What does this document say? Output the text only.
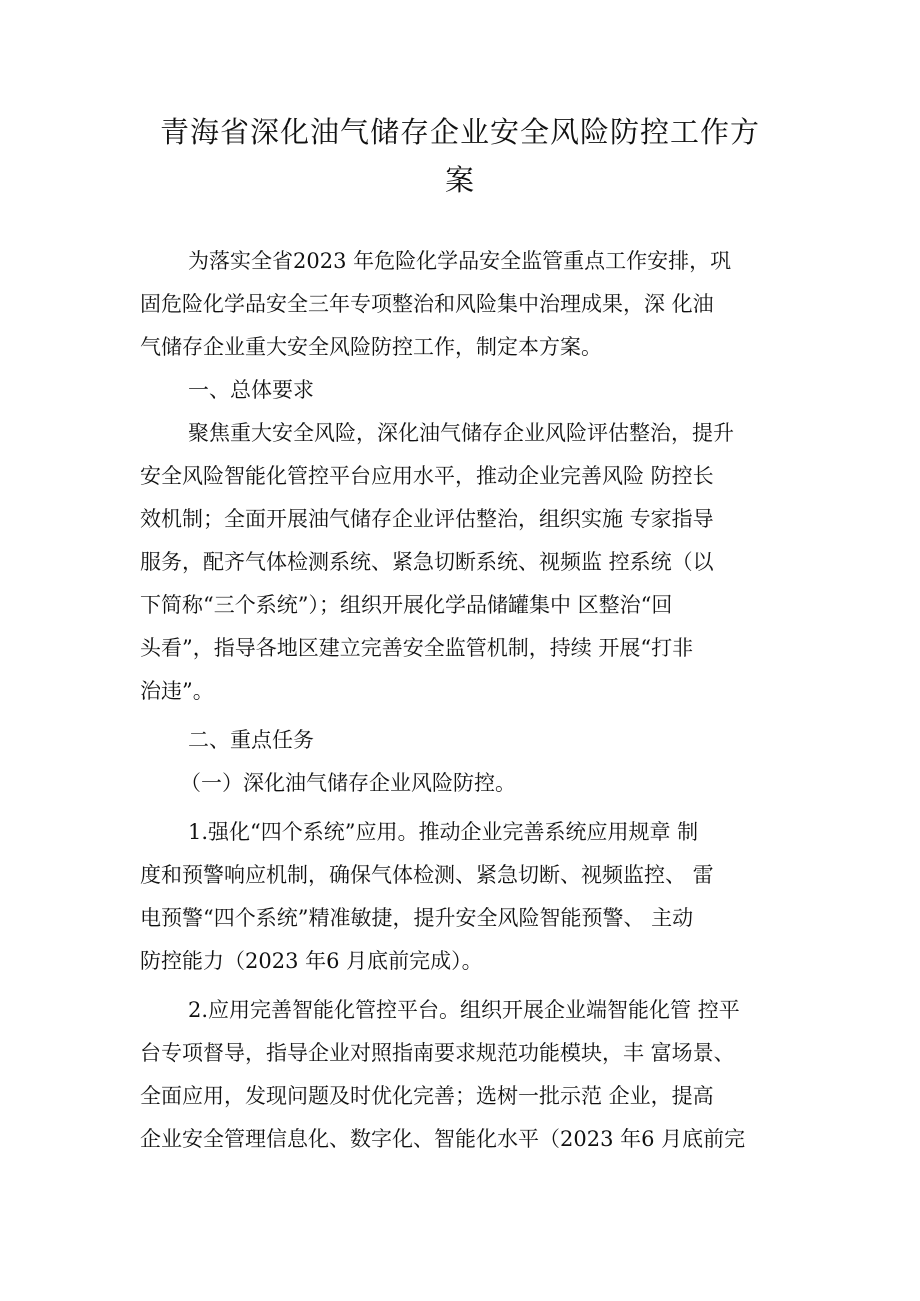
青海省深化油气储存企业安全风险防控工作方
案

为落实全省2023 年危险化学品安全监管重点工作安排，巩

固危险化学品安全三年专项整治和风险集中治理成果，深 化油

气储存企业重大安全风险防控工作，制定本方案。

一、总体要求

聚焦重大安全风险，深化油气储存企业风险评估整治，提升

安全风险智能化管控平台应用水平，推动企业完善风险 防控长

效机制；全面开展油气储存企业评估整治，组织实施 专家指导

服务，配齐气体检测系统、紧急切断系统、视频监 控系统（以

下简称“三个系统”）；组织开展化学品储罐集中 区整治“回

头看”，指导各地区建立完善安全监管机制，持续 开展“打非

治违”。

二、重点任务

（一）深化油气储存企业风险防控。

1.强化“四个系统”应用。推动企业完善系统应用规章 制

度和预警响应机制，确保气体检测、紧急切断、视频监控、 雷

电预警“四个系统”精准敏捷，提升安全风险智能预警、 主动

防控能力（2023 年6 月底前完成）。

2.应用完善智能化管控平台。组织开展企业端智能化管 控平

台专项督导，指导企业对照指南要求规范功能模块，丰 富场景、

全面应用，发现问题及时优化完善；选树一批示范 企业，提高

企业安全管理信息化、数字化、智能化水平（2023 年6 月底前完
